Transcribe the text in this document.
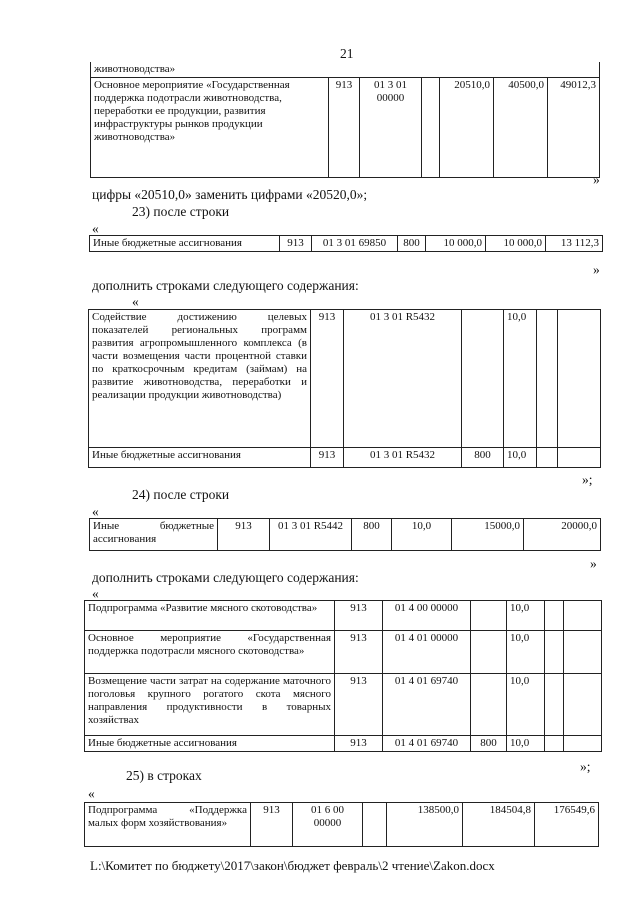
21
животноводства»
Основное мероприятие «Государственная поддержка подотрасли животноводства, переработки ее продукции, развития инфраструктуры рынков продукции животноводства»	913	01 3 01 00000		20510,0	40500,0	49012,3
»
цифры «20510,0» заменить цифрами «20520,0»;
23) после строки
«
Иные бюджетные ассигнования	913	01 3 01 69850	800	10 000,0	10 000,0	13 112,3
»
дополнить строками следующего содержания:
«
Содействие достижению целевых показателей региональных программ развития агропромышленного комплекса (в части возмещения части процентной ставки по краткосрочным кредитам (займам) на развитие животноводства, переработки и реализации продукции животноводства)	913	01 3 01 R5432		10,0		
Иные бюджетные ассигнования	913	01 3 01 R5432	800	10,0		
»;
24) после строки
«
Иные бюджетные ассигнования	913	01 3 01 R5442	800	10,0	15000,0	20000,0
»
дополнить строками следующего содержания:
«
Подпрограмма «Развитие мясного скотоводства»	913	01 4 00 00000		10,0		
Основное мероприятие «Государственная поддержка подотрасли мясного скотоводства»	913	01 4 01 00000		10,0		
Возмещение части затрат на содержание маточного поголовья крупного рогатого скота мясного направления продуктивности в товарных хозяйствах	913	01 4 01 69740		10,0		
Иные бюджетные ассигнования	913	01 4 01 69740	800	10,0		
»;
25) в строках
«
Подпрограмма «Поддержка малых форм хозяйствования»	913	01 6 00 00000		138500,0	184504,8	176549,6
L:\Комитет по бюджету\2017\закон\бюджет февраль\2 чтение\Zakon.docx
